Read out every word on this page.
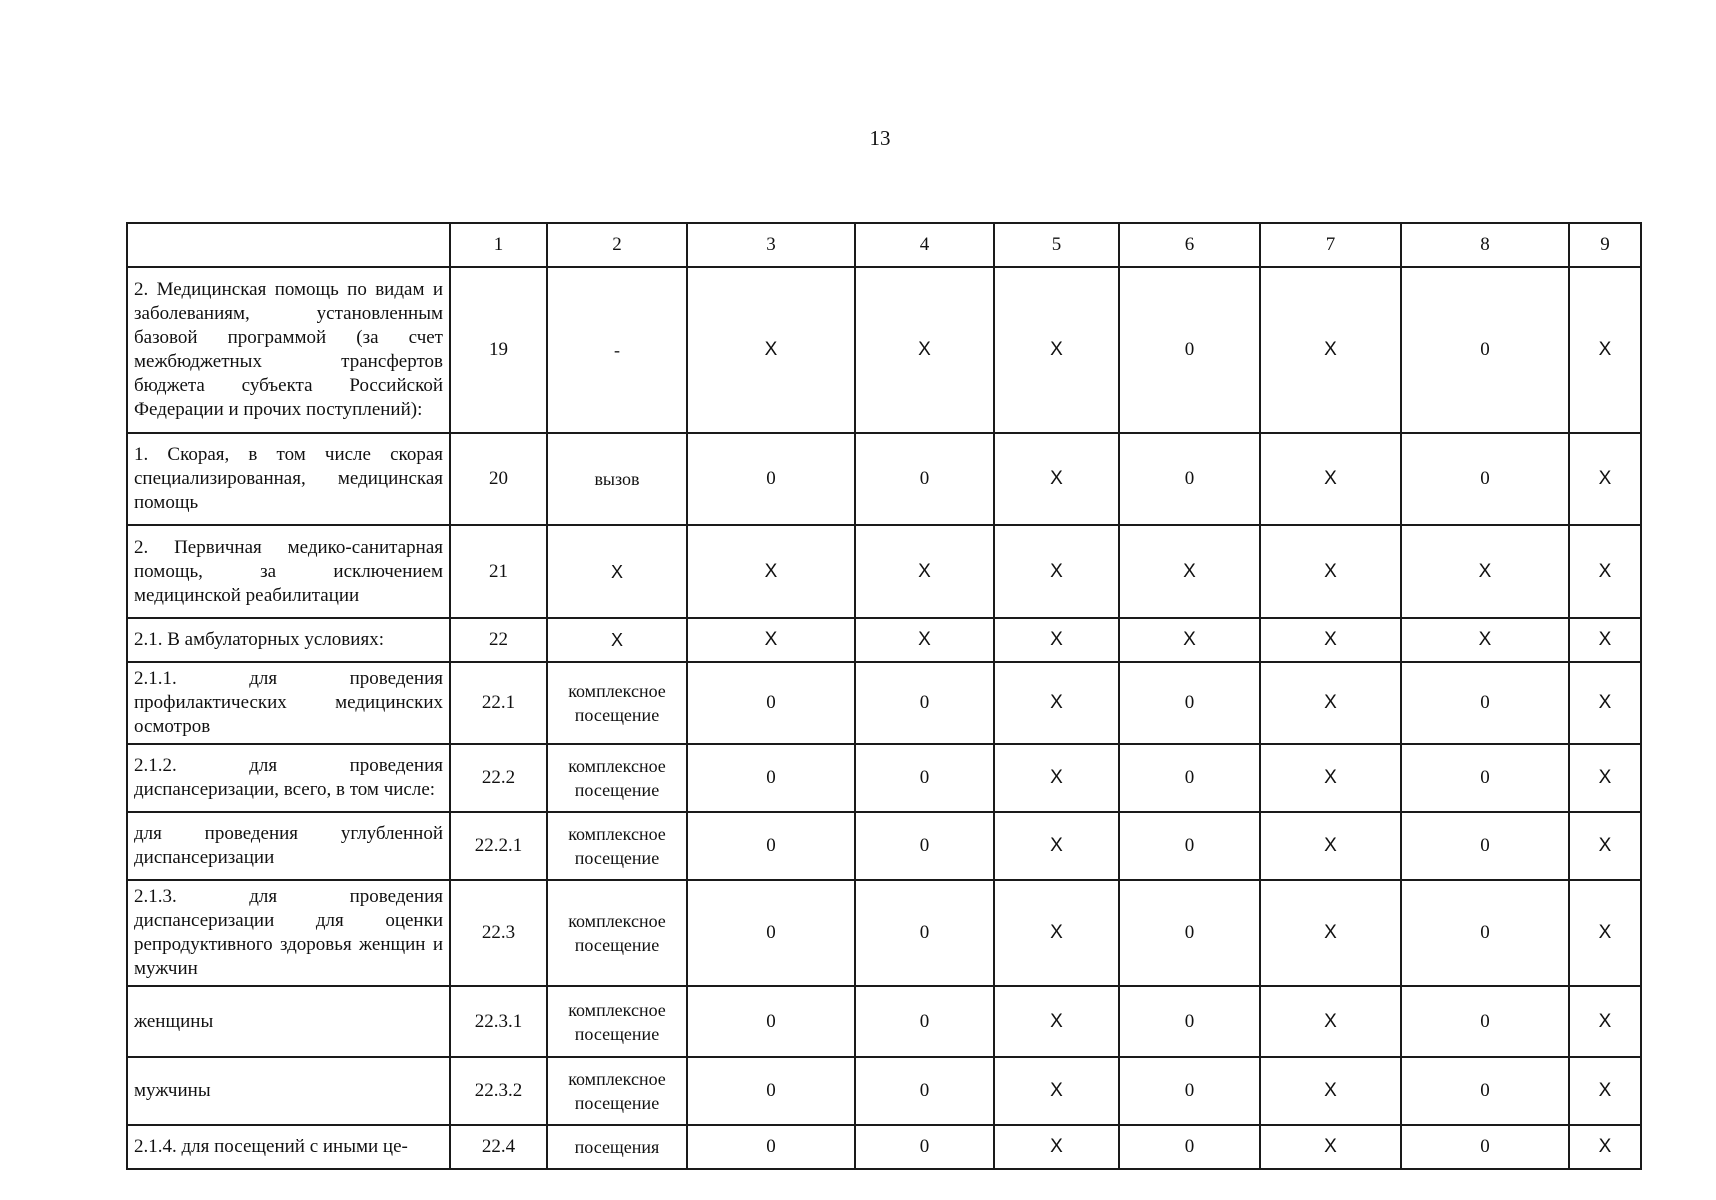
13
	1	2	3	4	5	6	7	8	9
2. Медицинская помощь по видам и заболеваниям, установленным базовой программой (за счет межбюджетных трансфертов бюджета субъекта Российской Федерации и прочих поступлений):	19	-	X	X	X	0	X	0	X
1. Скорая, в том числе скорая специализированная, медицинская помощь	20	вызов	0	0	X	0	X	0	X
2. Первичная медико-санитарная помощь, за исключением медицинской реабилитации	21	X	X	X	X	X	X	X	X
2.1. В амбулаторных условиях:	22	X	X	X	X	X	X	X	X
2.1.1. для проведения профилактических медицинских осмотров	22.1	комплексное посещение	0	0	X	0	X	0	X
2.1.2. для проведения диспансеризации, всего, в том числе:	22.2	комплексное посещение	0	0	X	0	X	0	X
для проведения углубленной диспансеризации	22.2.1	комплексное посещение	0	0	X	0	X	0	X
2.1.3. для проведения диспансеризации для оценки репродуктивного здоровья женщин и мужчин	22.3	комплексное посещение	0	0	X	0	X	0	X
женщины	22.3.1	комплексное посещение	0	0	X	0	X	0	X
мужчины	22.3.2	комплексное посещение	0	0	X	0	X	0	X
2.1.4. для посещений с иными це-	22.4	посещения	0	0	X	0	X	0	X
